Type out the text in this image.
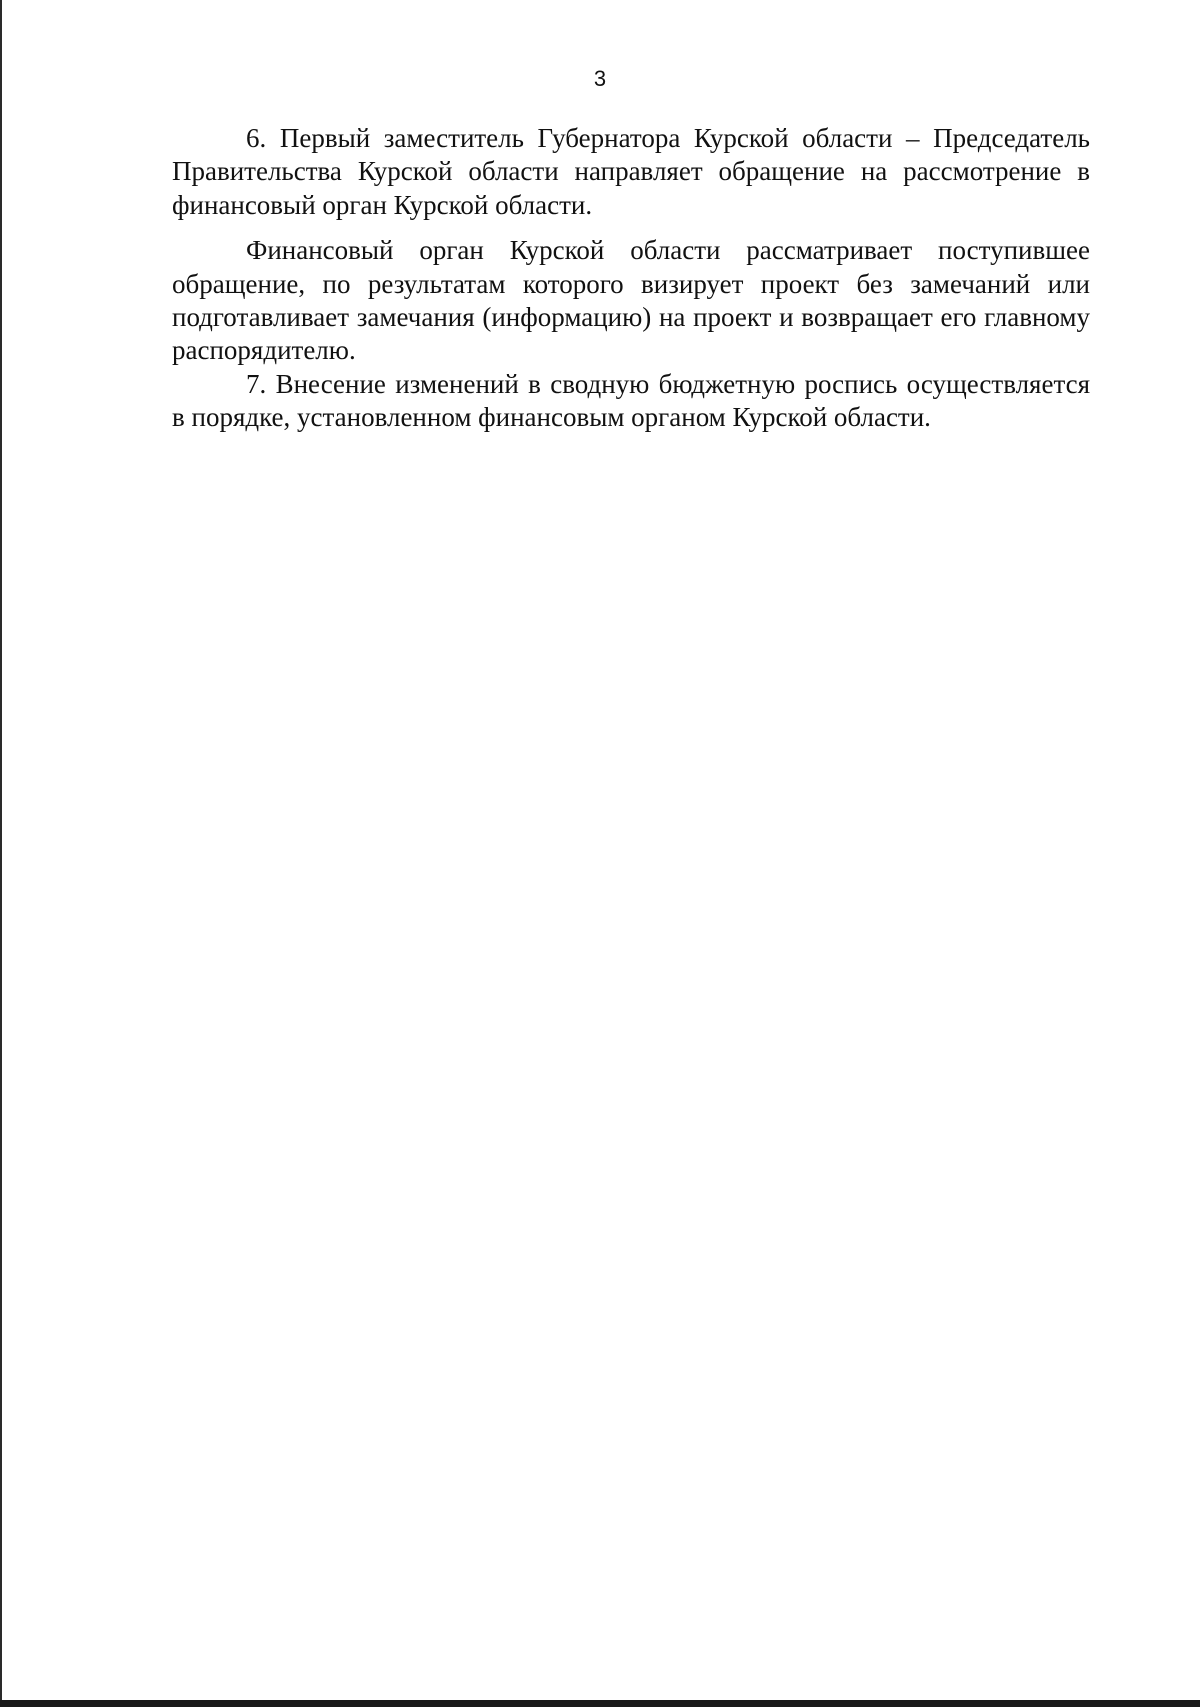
3

6. Первый заместитель Губернатора Курской области – Председатель Правительства Курской области направляет обращение на рассмотрение в финансовый орган Курской области.

Финансовый орган Курской области рассматривает поступившее обращение, по результатам которого визирует проект без замечаний или подготавливает замечания (информацию) на проект и возвращает его главному распорядителю.

7. Внесение изменений в сводную бюджетную роспись осуществляется в порядке, установленном финансовым органом Курской области.
